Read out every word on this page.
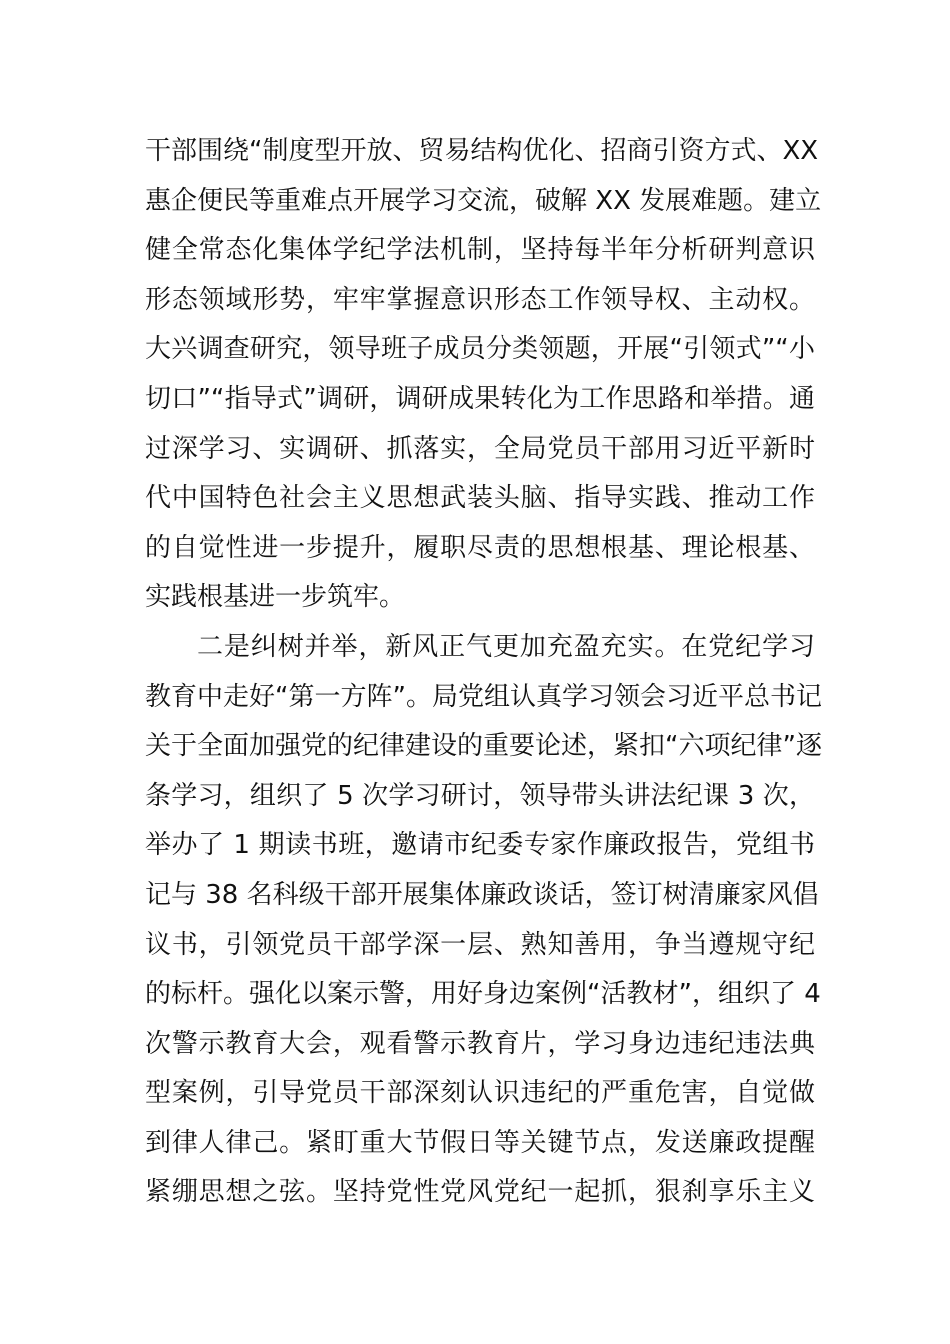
干部围绕“制度型开放、贸易结构优化、招商引资方式、XX
惠企便民等重难点开展学习交流，破解 XX 发展难题。建立
健全常态化集体学纪学法机制，坚持每半年分析研判意识
形态领域形势，牢牢掌握意识形态工作领导权、主动权。
大兴调查研究，领导班子成员分类领题，开展“引领式”“小
切口”“指导式”调研，调研成果转化为工作思路和举措。通
过深学习、实调研、抓落实，全局党员干部用习近平新时
代中国特色社会主义思想武装头脑、指导实践、推动工作
的自觉性进一步提升，履职尽责的思想根基、理论根基、
实践根基进一步筑牢。
二是纠树并举，新风正气更加充盈充实。在党纪学习
教育中走好“第一方阵”。局党组认真学习领会习近平总书记
关于全面加强党的纪律建设的重要论述，紧扣“六项纪律”逐
条学习，组织了 5 次学习研讨，领导带头讲法纪课 3 次，
举办了 1 期读书班，邀请市纪委专家作廉政报告，党组书
记与 38 名科级干部开展集体廉政谈话，签订树清廉家风倡
议书，引领党员干部学深一层、熟知善用，争当遵规守纪
的标杆。强化以案示警，用好身边案例“活教材”，组织了 4
次警示教育大会，观看警示教育片，学习身边违纪违法典
型案例，引导党员干部深刻认识违纪的严重危害，自觉做
到律人律己。紧盯重大节假日等关键节点，发送廉政提醒
紧绷思想之弦。坚持党性党风党纪一起抓，狠刹享乐主义
